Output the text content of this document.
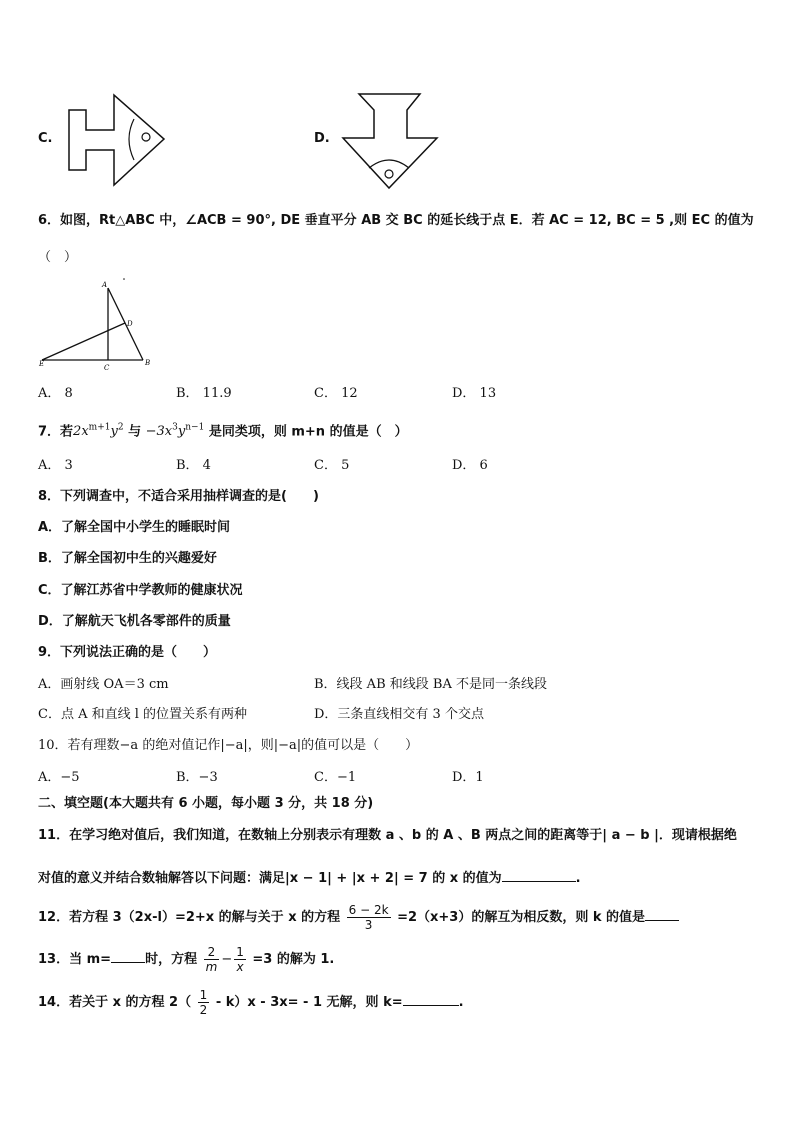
C.	D.
6．如图，Rt△ABC 中，∠ACB = 90°, DE 垂直平分 AB 交 BC 的延长线于点 E．若 AC = 12, BC = 5 ,则 EC 的值为
（　）
A
D
E	C
B
A． 8	B． 11.9	C． 12	D． 13
7．若$2x^{m+1}y^2$ 与 $-3x^3y^{n-1}$ 是同类项，则 m+n 的值是（　）
A． 3	B． 4	C． 5	D． 6
8．下列调查中，不适合采用抽样调查的是(　　)
A．了解全国中小学生的睡眠时间
B．了解全国初中生的兴趣爱好
C．了解江苏省中学教师的健康状况
D．了解航天飞机各零部件的质量
9．下列说法正确的是（　　）
A．画射线 OA＝3 cm	B．线段 AB 和线段 BA 不是同一条线段
C．点 A 和直线 l 的位置关系有两种	D．三条直线相交有 3 个交点
10．若有理数−a 的绝对值记作|−a|，则|−a|的值可以是（　　）
A．−5	B．−3	C．−1	D．1
二、填空题(本大题共有 6 小题，每小题 3 分，共 18 分)
11．在学习绝对值后，我们知道，在数轴上分别表示有理数 a 、b 的 A 、B 两点之间的距离等于| a − b |．现请根据绝
对值的意义并结合数轴解答以下问题：满足|x − 1| + |x + 2| = 7 的 x 的值为	.
12．若方程 3（2x-l）=2+x 的解与关于 x 的方程 $\frac{6 - 2k}{3} =2(x+3)$的解互为相反数，则 k 的值是
13．当 m=	时，方程 $\frac{2}{m} - \frac{1}{x} =3$ 的解为 1.
14．若关于 x 的方程 $2( \frac{1}{2} - k)x - 3x= - 1$ 无解，则 k=	.
